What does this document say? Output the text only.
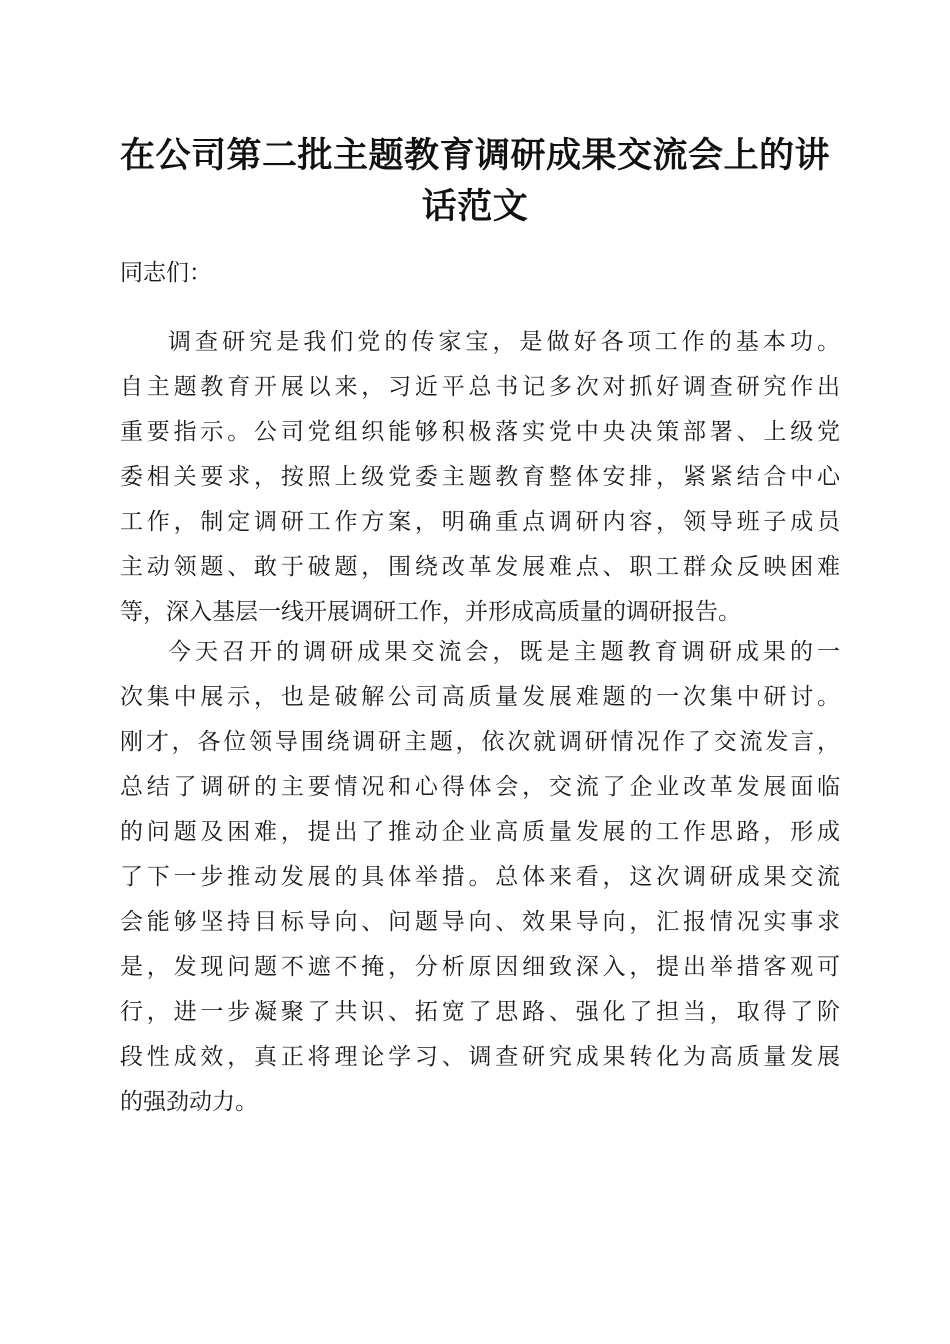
在公司第二批主题教育调研成果交流会上的讲
话范文

同志们：

调查研究是我们党的传家宝，是做好各项工作的基本功。
自主题教育开展以来，习近平总书记多次对抓好调查研究作出
重要指示。公司党组织能够积极落实党中央决策部署、上级党
委相关要求，按照上级党委主题教育整体安排，紧紧结合中心
工作，制定调研工作方案，明确重点调研内容，领导班子成员
主动领题、敢于破题，围绕改革发展难点、职工群众反映困难
等，深入基层一线开展调研工作，并形成高质量的调研报告。

今天召开的调研成果交流会，既是主题教育调研成果的一
次集中展示，也是破解公司高质量发展难题的一次集中研讨。
刚才，各位领导围绕调研主题，依次就调研情况作了交流发言，
总结了调研的主要情况和心得体会，交流了企业改革发展面临
的问题及困难，提出了推动企业高质量发展的工作思路，形成
了下一步推动发展的具体举措。总体来看，这次调研成果交流
会能够坚持目标导向、问题导向、效果导向，汇报情况实事求
是，发现问题不遮不掩，分析原因细致深入，提出举措客观可
行，进一步凝聚了共识、拓宽了思路、强化了担当，取得了阶
段性成效，真正将理论学习、调查研究成果转化为高质量发展
的强劲动力。
